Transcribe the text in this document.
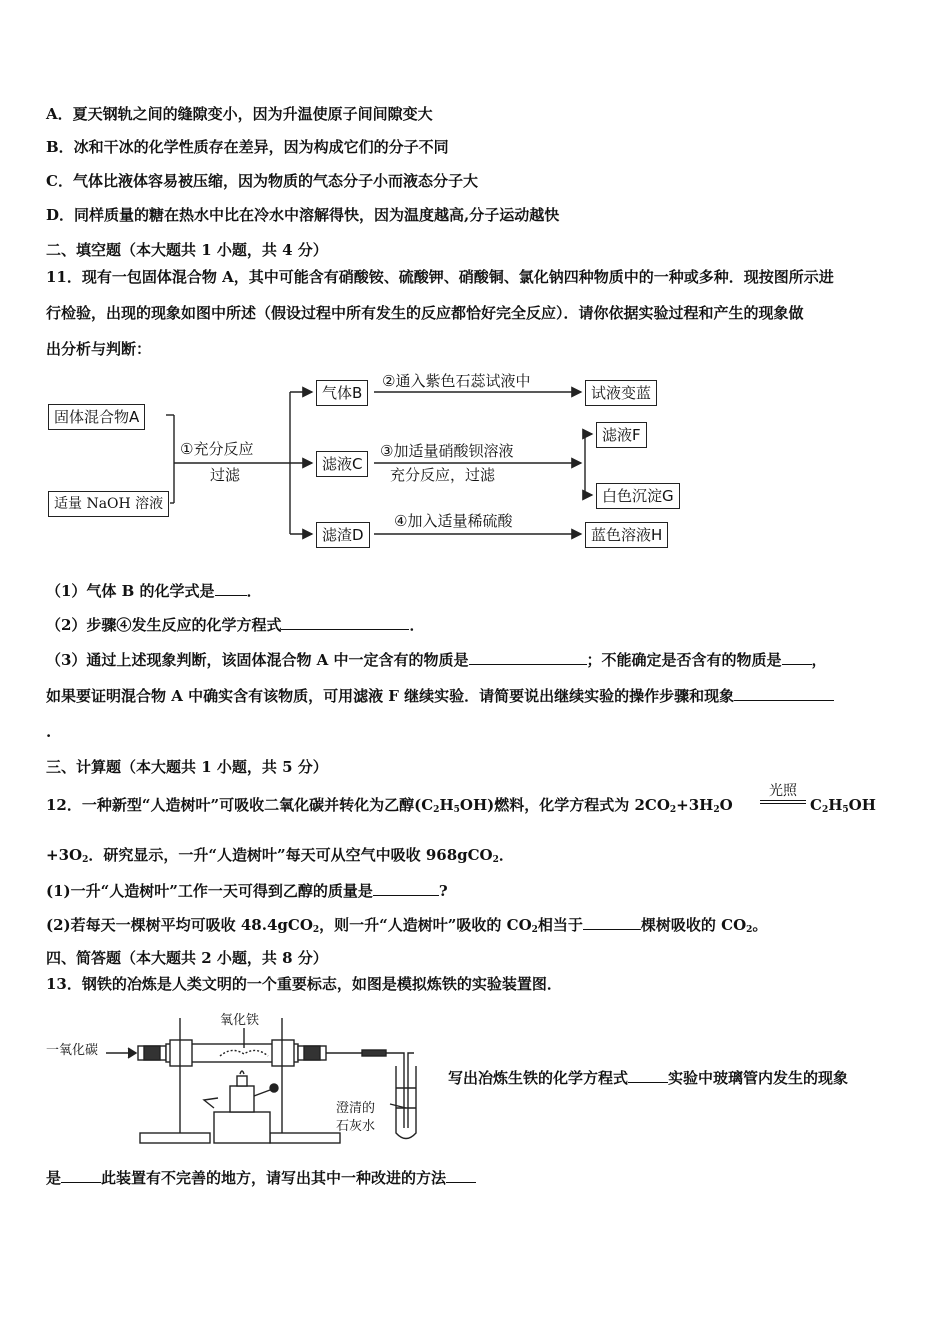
A．夏天钢轨之间的缝隙变小，因为升温使原子间间隙变大
B．冰和干冰的化学性质存在差异，因为构成它们的分子不同
C．气体比液体容易被压缩，因为物质的气态分子小而液态分子大
D．同样质量的糖在热水中比在冷水中溶解得快，因为温度越高,分子运动越快
二、填空题（本大题共 1 小题，共 4 分）
11．现有一包固体混合物 A，其中可能含有硝酸铵、硫酸钾、硝酸铜、氯化钠四种物质中的一种或多种．现按图所示进
行检验，出现的现象如图中所述（假设过程中所有发生的反应都恰好完全反应）．请你依据实验过程和产生的现象做
出分析与判断：
固体混合物A
适量 NaOH 溶液
①充分反应
过滤
气体B
②通入紫色石蕊试液中
试液变蓝
滤液C
③加适量硝酸钡溶液
充分反应，过滤
滤液F
白色沉淀G
滤渣D
④加入适量稀硫酸
蓝色溶液H
（1）气体 B 的化学式是 ．
（2）步骤④发生反应的化学方程式	．
（3）通过上述现象判断，该固体混合物 A 中一定含有的物质是	；不能确定是否含有的物质是 ，
如果要证明混合物 A 中确实含有该物质，可用滤液 F 继续实验．请简要说出继续实验的操作步骤和现象
.
三、计算题（本大题共 1 小题，共 5 分）
12．一种新型“人造树叶”可吸收二氧化碳并转化为乙醇$(C_2H_5OH)$燃料，化学方程式为 $2CO_2+3H_2O$
光照
$C_2H_5OH$
$+3O_2$．研究显示，一升“人造树叶”每天可从空气中吸收 968gCO$_2$．
(1)一升“人造树叶”工作一天可得到乙醇的质量是	?
(2)若每天一棵树平均可吸收 48.4gCO$_2$，则一升“人造树叶”吸收的 $CO_2$相当于	棵树吸收的 $CO_2$。
四、简答题（本大题共 2 小题，共 8 分）
13．钢铁的冶炼是人类文明的一个重要标志，如图是模拟炼铁的实验装置图．
一氧化碳
氧化铁
澄清的
石灰水
写出冶炼生铁的化学方程式	实验中玻璃管内发生的现象
是	此装置有不完善的地方，请写出其中一种改进的方法
